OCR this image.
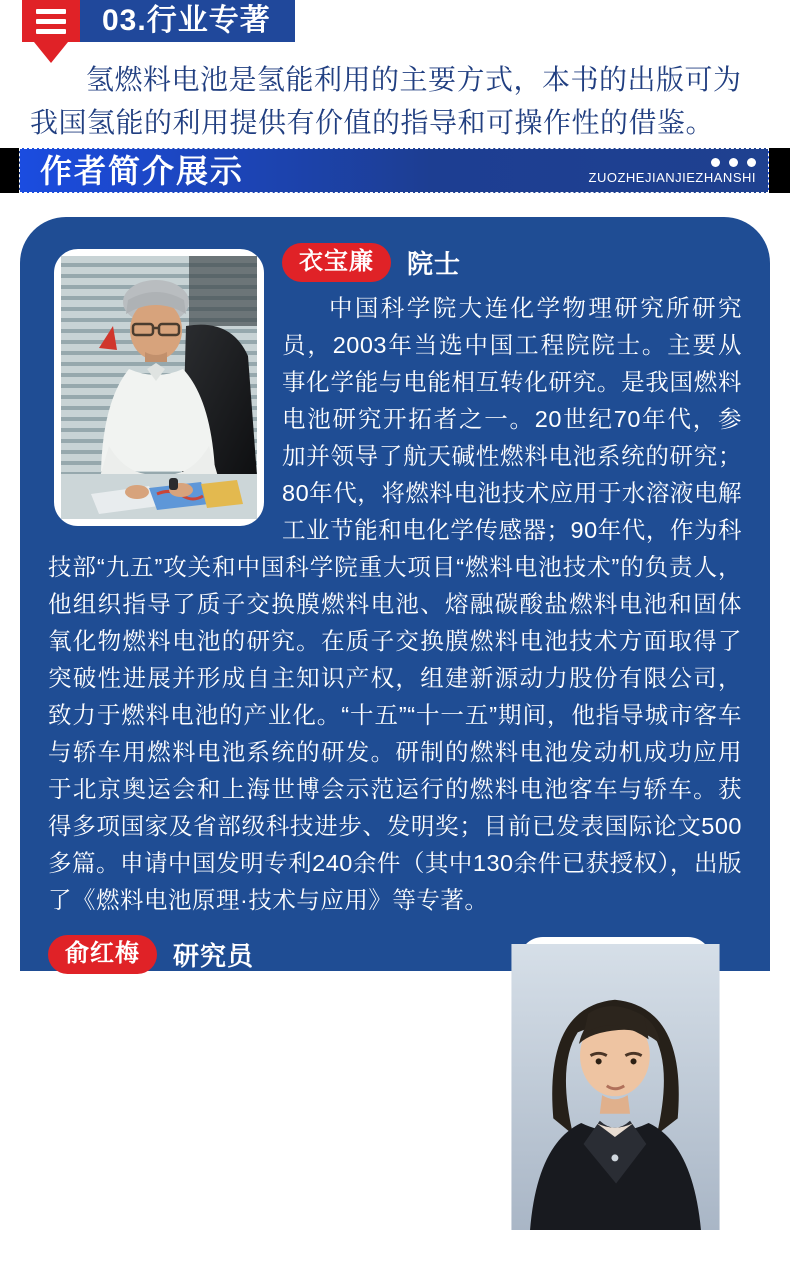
03.行业专著

氢燃料电池是氢能利用的主要方式，本书的出版可为我国氢能的利用提供有价值的指导和可操作性的借鉴。

作者简介展示	ZUOZHEJIANJIEZHANSHI
衣宝廉	院士

中国科学院大连化学物理研究所研究员，2003年当选中国工程院院士。主要从事化学能与电能相互转化研究。是我国燃料电池研究开拓者之一。20世纪70年代，参加并领导了航天碱性燃料电池系统的研究；80年代，将燃料电池技术应用于水溶液电解工业节能和电化学传感器；90年代，作为科技部“九五”攻关和中国科学院重大项目“燃料电池技术”的负责人，他组织指导了质子交换膜燃料电池、熔融碳酸盐燃料电池和固体氧化物燃料电池的研究。在质子交换膜燃料电池技术方面取得了突破性进展并形成自主知识产权，组建新源动力股份有限公司，致力于燃料电池的产业化。“十五”“十一五”期间，他指导城市客车与轿车用燃料电池系统的研发。研制的燃料电池发动机成功应用于北京奥运会和上海世博会示范运行的燃料电池客车与轿车。获得多项国家及省部级科技进步、发明奖；目前已发表国际论文500多篇。申请中国发明专利240余件（其中130余件已获授权），出版了《燃料电池原理·技术与应用》等专著。

俞红梅	研究员

中国科学院大连化学物理研究所首席研究员，国家燃料电池与液流电池标准委员会委员兼副秘书长，全国电力储能标准委员会委员，《电源技术》、《可再生能源》编委。主要研究方向为燃料电池和电解制氢。承担国家重点研发计划项目、国家自然基金联合基金重点项目、国家863课题、企业项目等。累计在国内外重要学术期刊上发表论文
